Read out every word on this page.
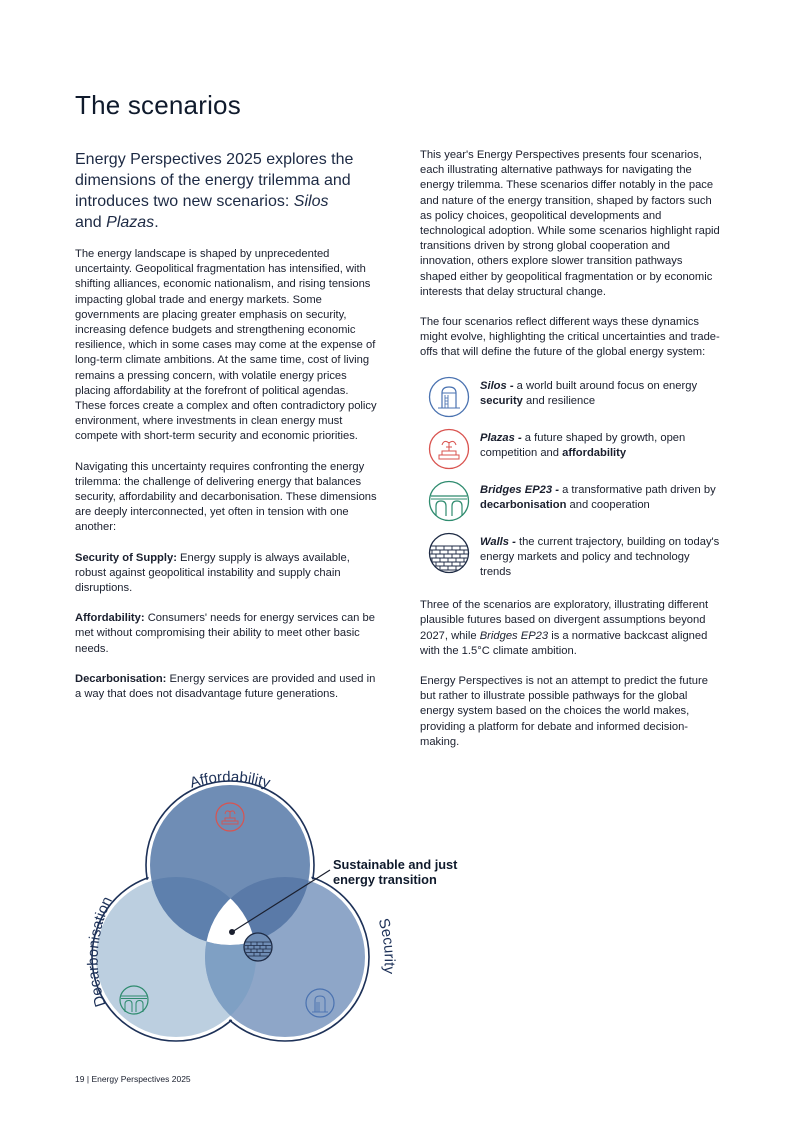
The scenarios
Energy Perspectives 2025 explores the dimensions of the energy trilemma and introduces two new scenarios: Silos
and Plazas.

The energy landscape is shaped by unprecedented uncertainty. Geopolitical fragmentation has intensified, with shifting alliances, economic nationalism, and rising tensions impacting global trade and energy markets. Some governments are placing greater emphasis on security, increasing defence budgets and strengthening economic resilience, which in some cases may come at the expense of long-term climate ambitions. At the same time, cost of living remains a pressing concern, with volatile energy prices placing affordability at the forefront of political agendas. These forces create a complex and often contradictory policy environment, where investments in clean energy must compete with short-term security and economic priorities.

Navigating this uncertainty requires confronting the energy trilemma: the challenge of delivering energy that balances security, affordability and decarbonisation. These dimensions are deeply interconnected, yet often in tension with one another:

Security of Supply: Energy supply is always available, robust against geopolitical instability and supply chain disruptions.

Affordability: Consumers' needs for energy services can be met without compromising their ability to meet other basic needs.

Decarbonisation: Energy services are provided and used in a way that does not disadvantage future generations.

This year's Energy Perspectives presents four scenarios, each illustrating alternative pathways for navigating the energy trilemma. These scenarios differ notably in the pace and nature of the energy transition, shaped by factors such as policy choices, geopolitical developments and technological adoption. While some scenarios highlight rapid transitions driven by strong global cooperation and innovation, others explore slower transition pathways shaped either by geopolitical fragmentation or by economic interests that delay structural change.

The four scenarios reflect different ways these dynamics might evolve, highlighting the critical uncertainties and trade-offs that will define the future of the global energy system:

Silos - a world built around focus on energy security and resilience
Plazas - a future shaped by growth, open competition and affordability
Bridges EP23 - a transformative path driven by decarbonisation and cooperation
Walls - the current trajectory, building on today's energy markets and policy and technology trends

Three of the scenarios are exploratory, illustrating different plausible futures based on divergent assumptions beyond 2027, while Bridges EP23 is a normative backcast aligned with the 1.5°C climate ambition.

Energy Perspectives is not an attempt to predict the future but rather to illustrate possible pathways for the global energy system based on the choices the world makes, providing a platform for debate and informed decision-making.

Affordability
Decarbonisation
Security
Sustainable and just
energy transition
19 | Energy Perspectives 2025
